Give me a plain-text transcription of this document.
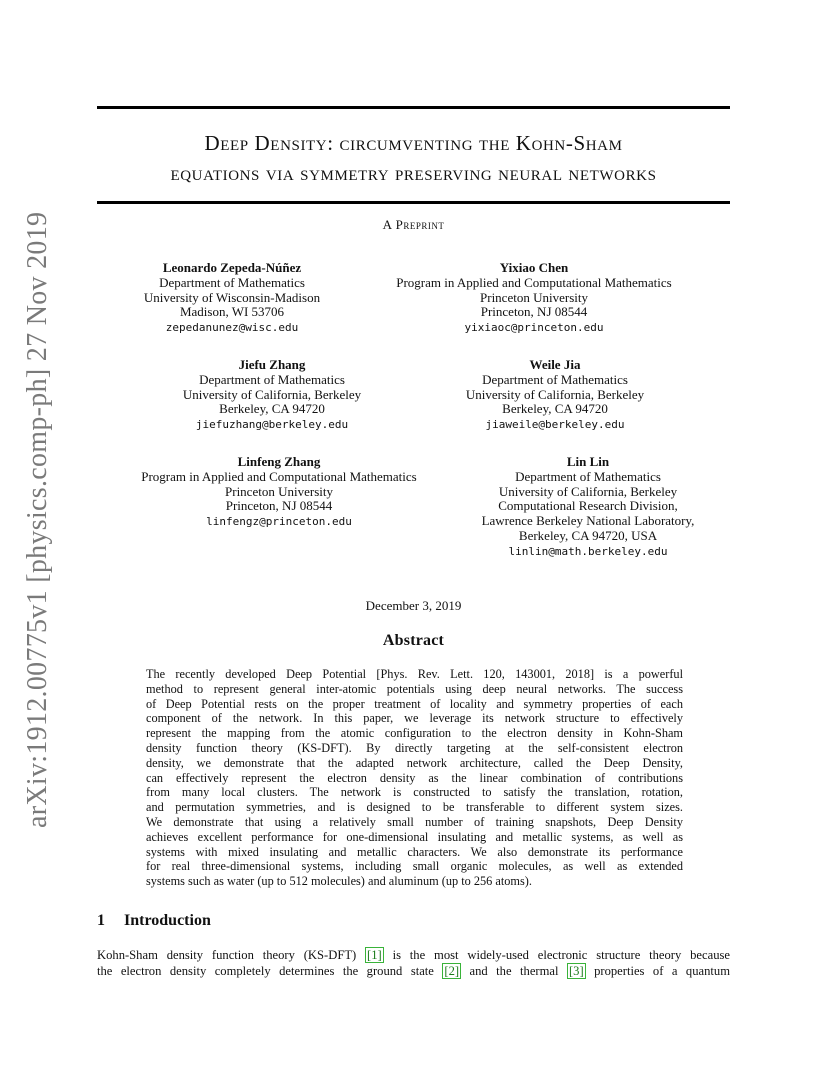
Deep Density: circumventing the Kohn-Sham
equations via symmetry preserving neural networks
A Preprint
arXiv:1912.00775v1 [physics.comp-ph] 27 Nov 2019	Leonardo Zepeda-Núñez
Department of Mathematics
University of Wisconsin-Madison
Madison, WI 53706
zepedanunez@wisc.edu
Yixiao Chen
Program in Applied and Computational Mathematics
Princeton University
Princeton, NJ 08544
yixiaoc@princeton.edu
Jiefu Zhang
Department of Mathematics
University of California, Berkeley
Berkeley, CA 94720
jiefuzhang@berkeley.edu
Weile Jia
Department of Mathematics
University of California, Berkeley
Berkeley, CA 94720
jiaweile@berkeley.edu
Linfeng Zhang
Program in Applied and Computational Mathematics
Princeton University
Princeton, NJ 08544
linfengz@princeton.edu
Lin Lin
Department of Mathematics
University of California, Berkeley
Computational Research Division,
Lawrence Berkeley National Laboratory,
Berkeley, CA 94720, USA
linlin@math.berkeley.edu
December 3, 2019
Abstract
The recently developed Deep Potential [Phys. Rev. Lett. 120, 143001, 2018] is a powerful
method to represent general inter-atomic potentials using deep neural networks. The success
of Deep Potential rests on the proper treatment of locality and symmetry properties of each
component of the network. In this paper, we leverage its network structure to effectively
represent the mapping from the atomic configuration to the electron density in Kohn-Sham
density function theory (KS-DFT). By directly targeting at the self-consistent electron
density, we demonstrate that the adapted network architecture, called the Deep Density,
can effectively represent the electron density as the linear combination of contributions
from many local clusters. The network is constructed to satisfy the translation, rotation,
and permutation symmetries, and is designed to be transferable to different system sizes.
We demonstrate that using a relatively small number of training snapshots, Deep Density
achieves excellent performance for one-dimensional insulating and metallic systems, as well as
systems with mixed insulating and metallic characters. We also demonstrate its performance
for real three-dimensional systems, including small organic molecules, as well as extended
systems such as water (up to 512 molecules) and aluminum (up to 256 atoms).
1 Introduction
Kohn-Sham density function theory (KS-DFT) [1] is the most widely-used electronic structure theory because
the electron density completely determines the ground state [2] and the thermal [3] properties of a quantum
